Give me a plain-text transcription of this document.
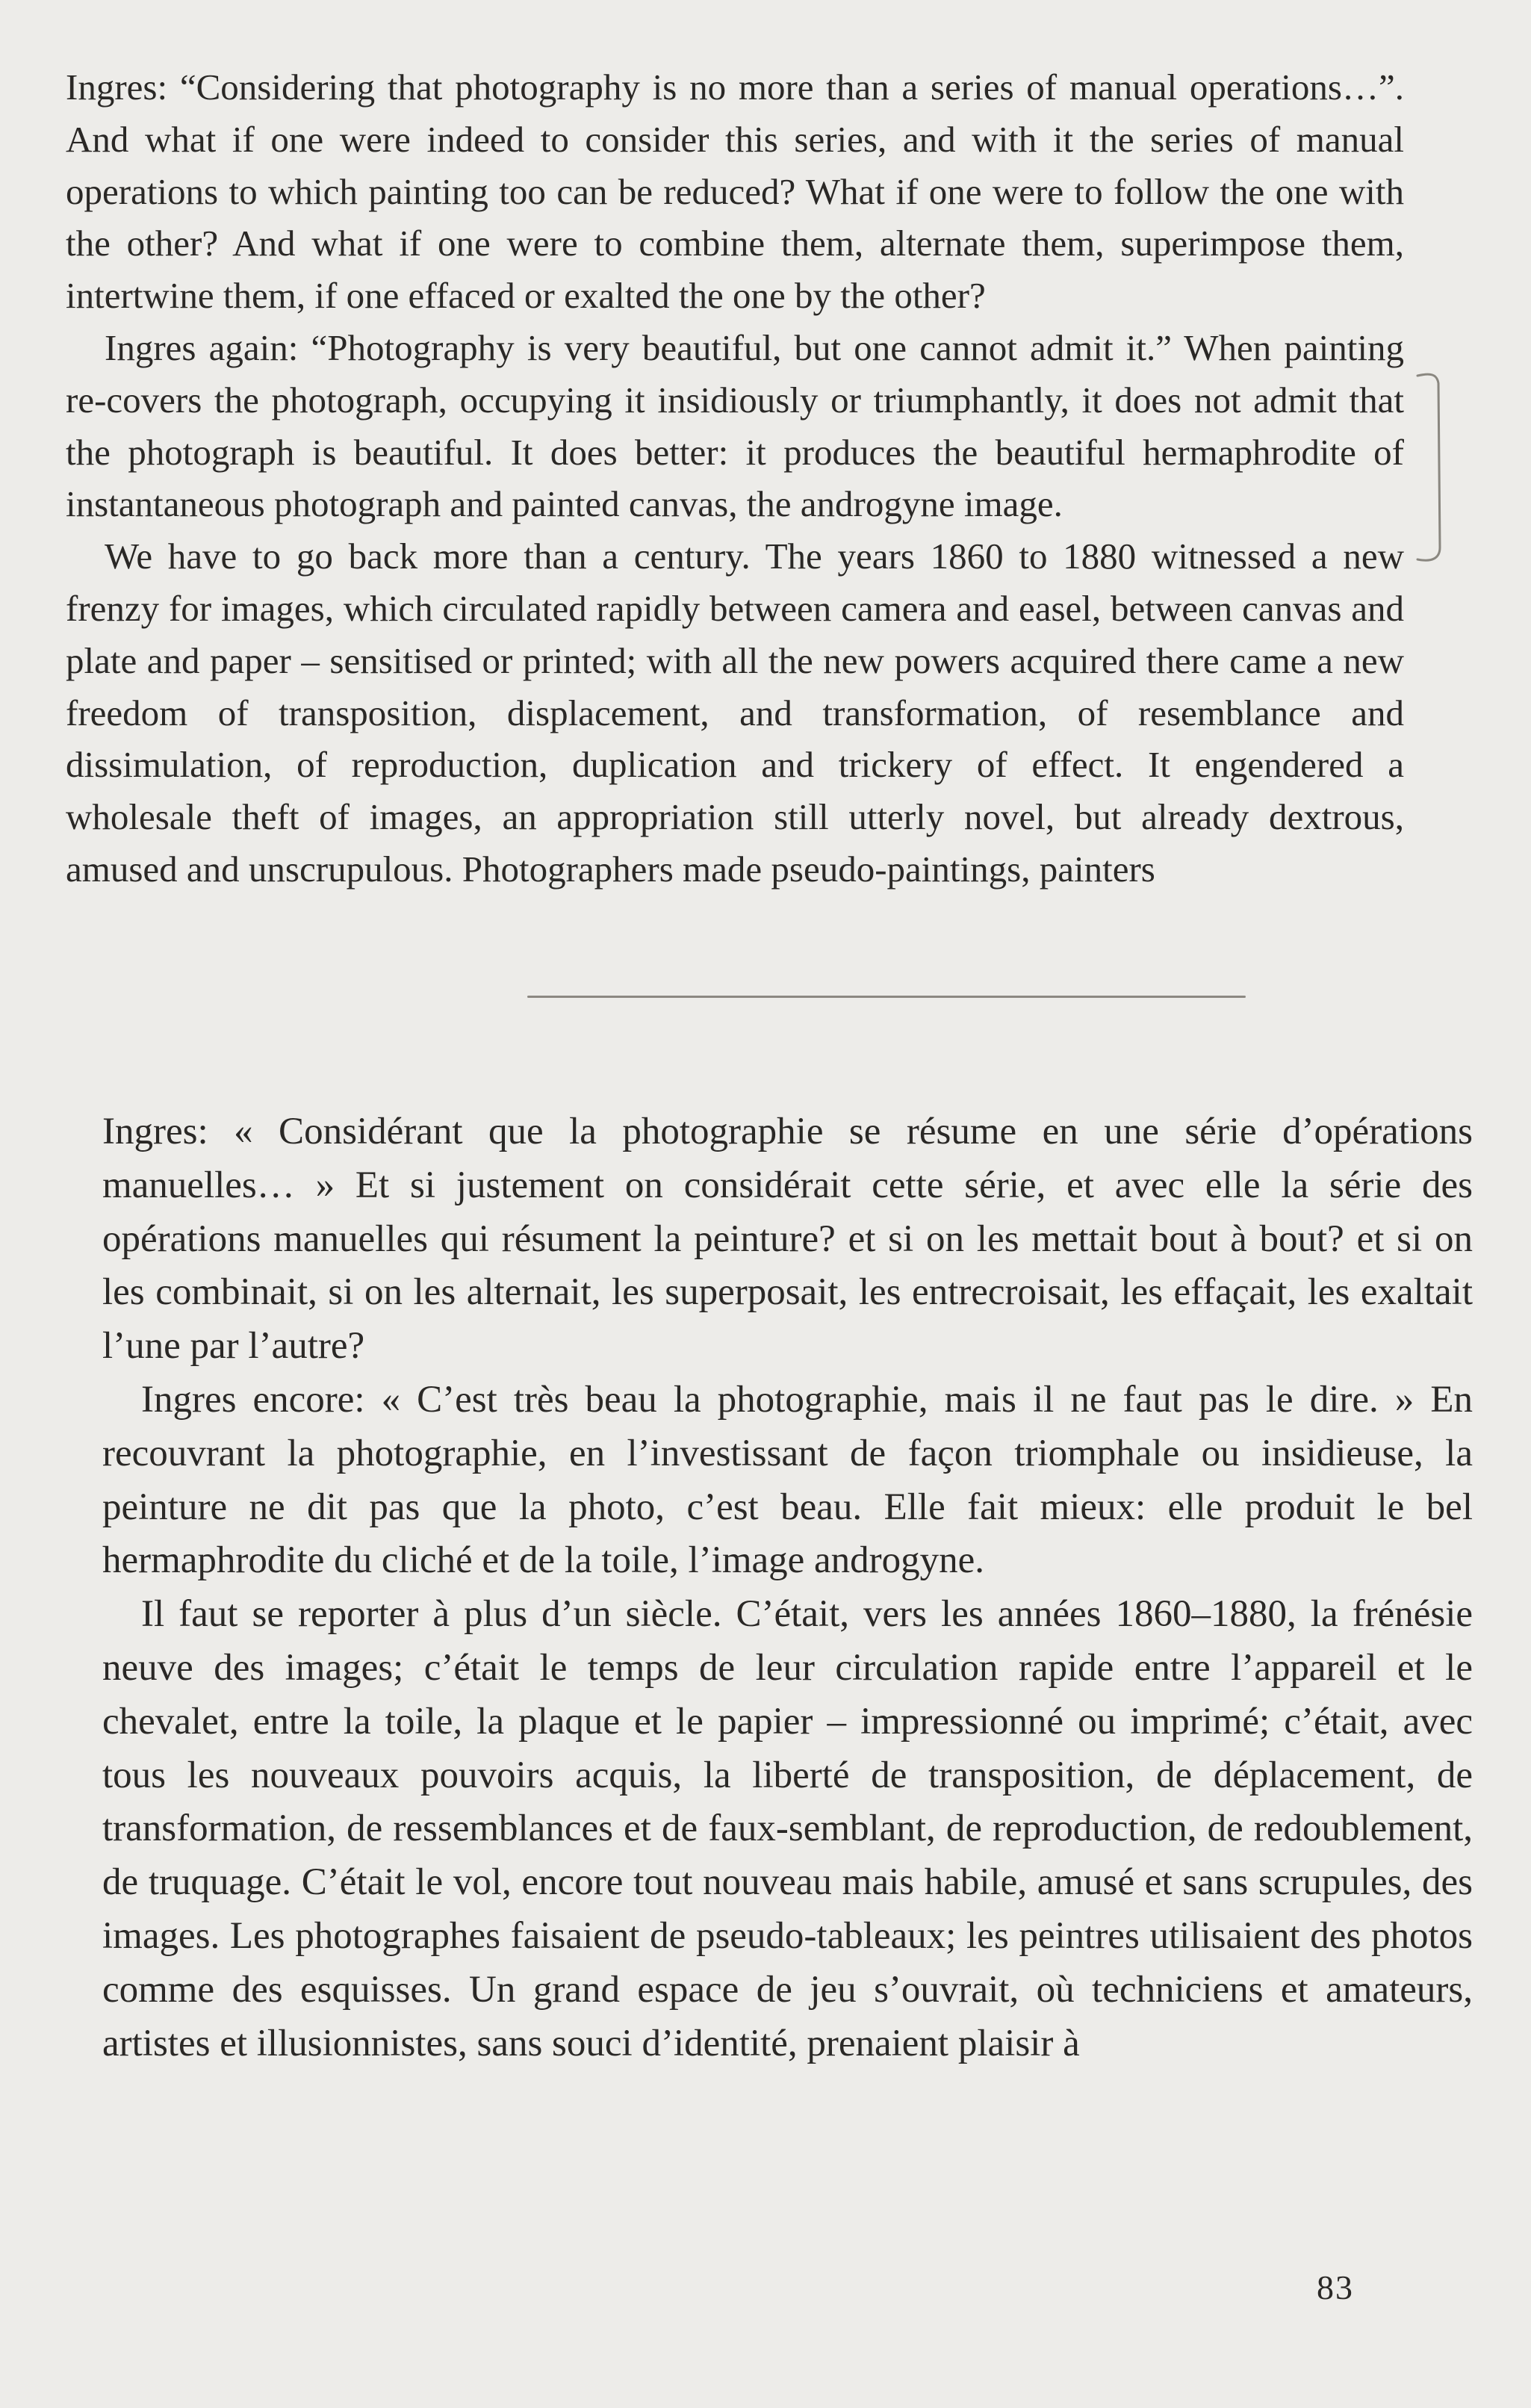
Ingres: “Considering that photography is no more than a series of manual operations…”. And what if one were indeed to consider this series, and with it the series of manual operations to which painting too can be reduced? What if one were to follow the one with the other? And what if one were to combine them, alternate them, superimpose them, intertwine them, if one effaced or exalted the one by the other?

Ingres again: “Photography is very beautiful, but one cannot admit it.” When painting re-covers the photograph, occupying it insidiously or triumphantly, it does not admit that the photograph is beautiful. It does better: it produces the beautiful hermaphrodite of instantaneous photograph and painted canvas, the androgyne image.

We have to go back more than a century. The years 1860 to 1880 witnessed a new frenzy for images, which circulated rapidly between camera and easel, between canvas and plate and paper – sensitised or printed; with all the new powers acquired there came a new freedom of transposition, displacement, and transformation, of resemblance and dissimulation, of reproduction, duplication and trickery of effect. It engendered a wholesale theft of images, an appropriation still utterly novel, but already dextrous, amused and unscrupulous. Photographers made pseudo-paintings, painters

Ingres: « Considérant que la photographie se résume en une série d’opérations manuelles… » Et si justement on considérait cette série, et avec elle la série des opérations manuelles qui résument la peinture? et si on les mettait bout à bout? et si on les combinait, si on les alternait, les superposait, les entrecroisait, les effaçait, les exaltait l’une par l’autre?

Ingres encore: « C’est très beau la photographie, mais il ne faut pas le dire. » En recouvrant la photographie, en l’investissant de façon triomphale ou insidieuse, la peinture ne dit pas que la photo, c’est beau. Elle fait mieux: elle produit le bel hermaphrodite du cliché et de la toile, l’image androgyne.

Il faut se reporter à plus d’un siècle. C’était, vers les années 1860–1880, la frénésie neuve des images; c’était le temps de leur circulation rapide entre l’appareil et le chevalet, entre la toile, la plaque et le papier – impressionné ou imprimé; c’était, avec tous les nouveaux pouvoirs acquis, la liberté de transposition, de déplacement, de transformation, de ressemblances et de faux-semblant, de reproduction, de redoublement, de truquage. C’était le vol, encore tout nouveau mais habile, amusé et sans scrupules, des images. Les photographes faisaient de pseudo-tableaux; les peintres utilisaient des photos comme des esquisses. Un grand espace de jeu s’ouvrait, où techniciens et amateurs, artistes et illusionnistes, sans souci d’identité, prenaient plaisir à

83
